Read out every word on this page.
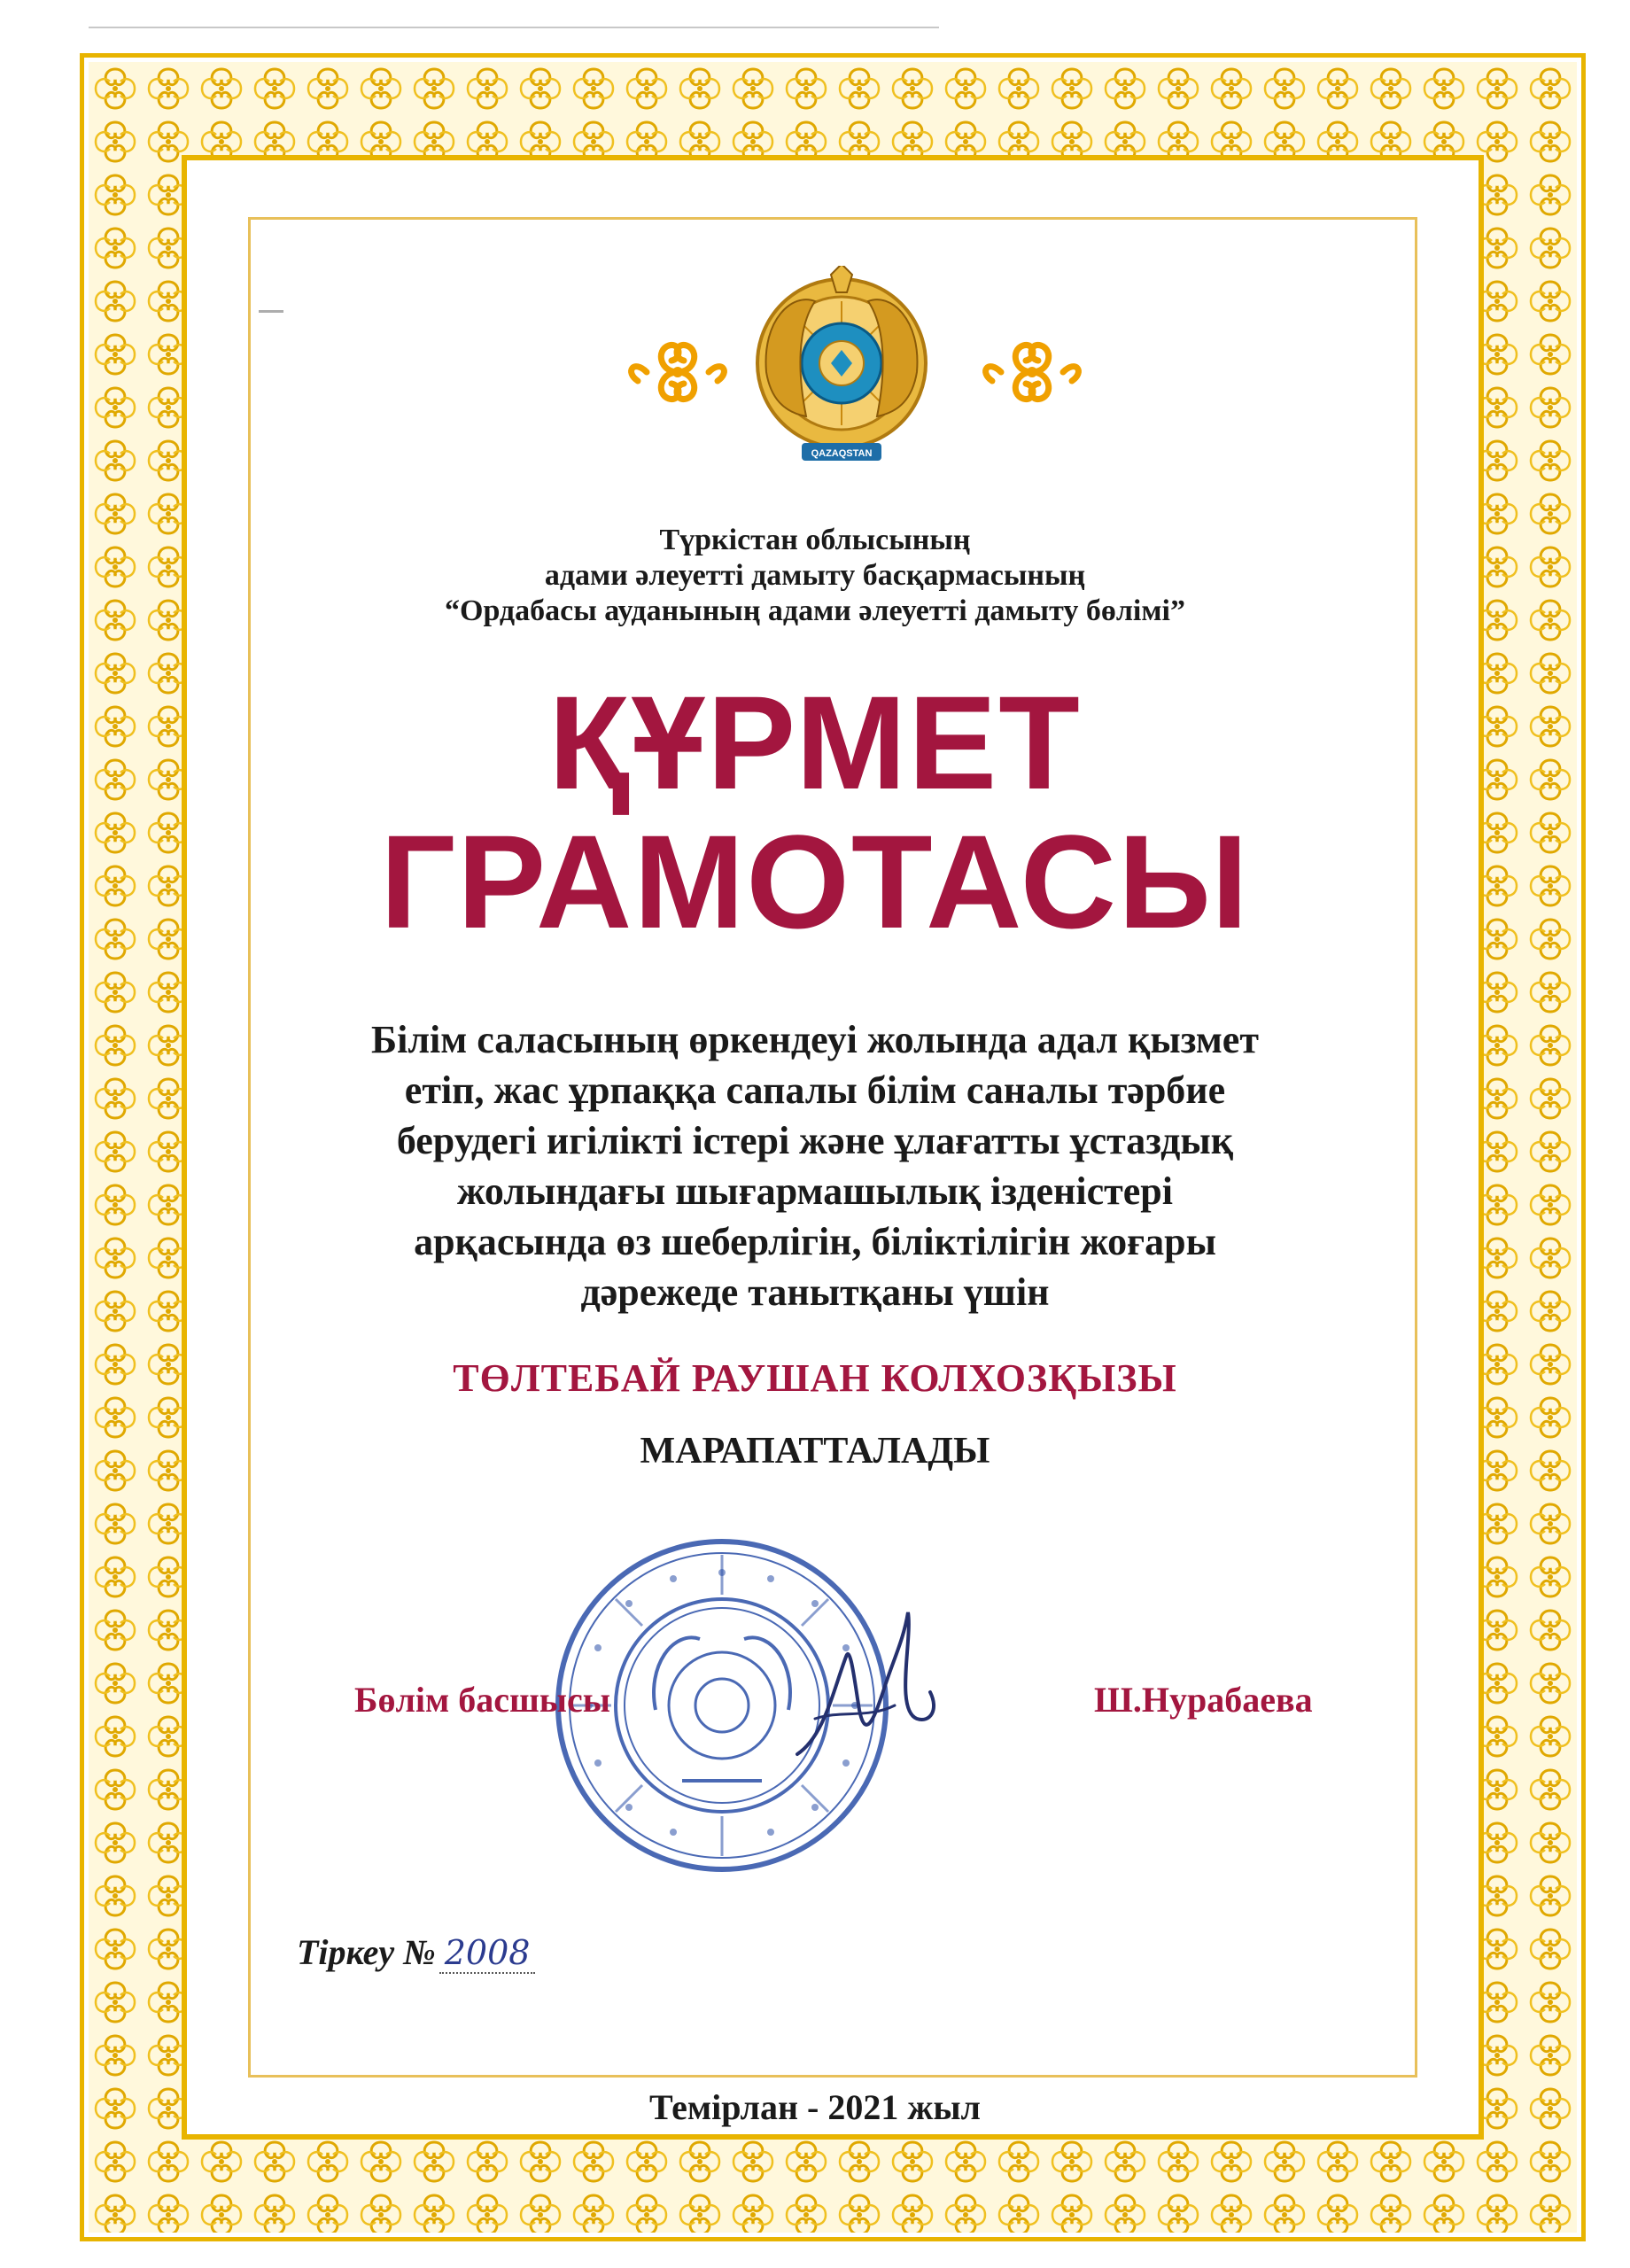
QAZAQSTAN
Түркістан облысының
адами әлеуетті дамыту басқармасының
“Ордабасы ауданының адами әлеуетті дамыту бөлімі”
ҚҰРМЕТ
ГРАМОТАСЫ
Білім саласының өркендеуі жолында адал қызмет
етіп, жас ұрпаққа сапалы білім саналы тәрбие
берудегі игілікті істері және ұлағатты ұстаздық
жолындағы шығармашылық ізденістері
арқасында өз шеберлігін, біліктілігін жоғары
дәрежеде танытқаны үшін
ТӨЛТЕБАЙ РАУШАН КОЛХОЗҚЫЗЫ
МАРАПАТТАЛАДЫ
Бөлім басшысы	Ш.Нурабаева
Тіркеу № 2008
Темірлан - 2021 жыл
